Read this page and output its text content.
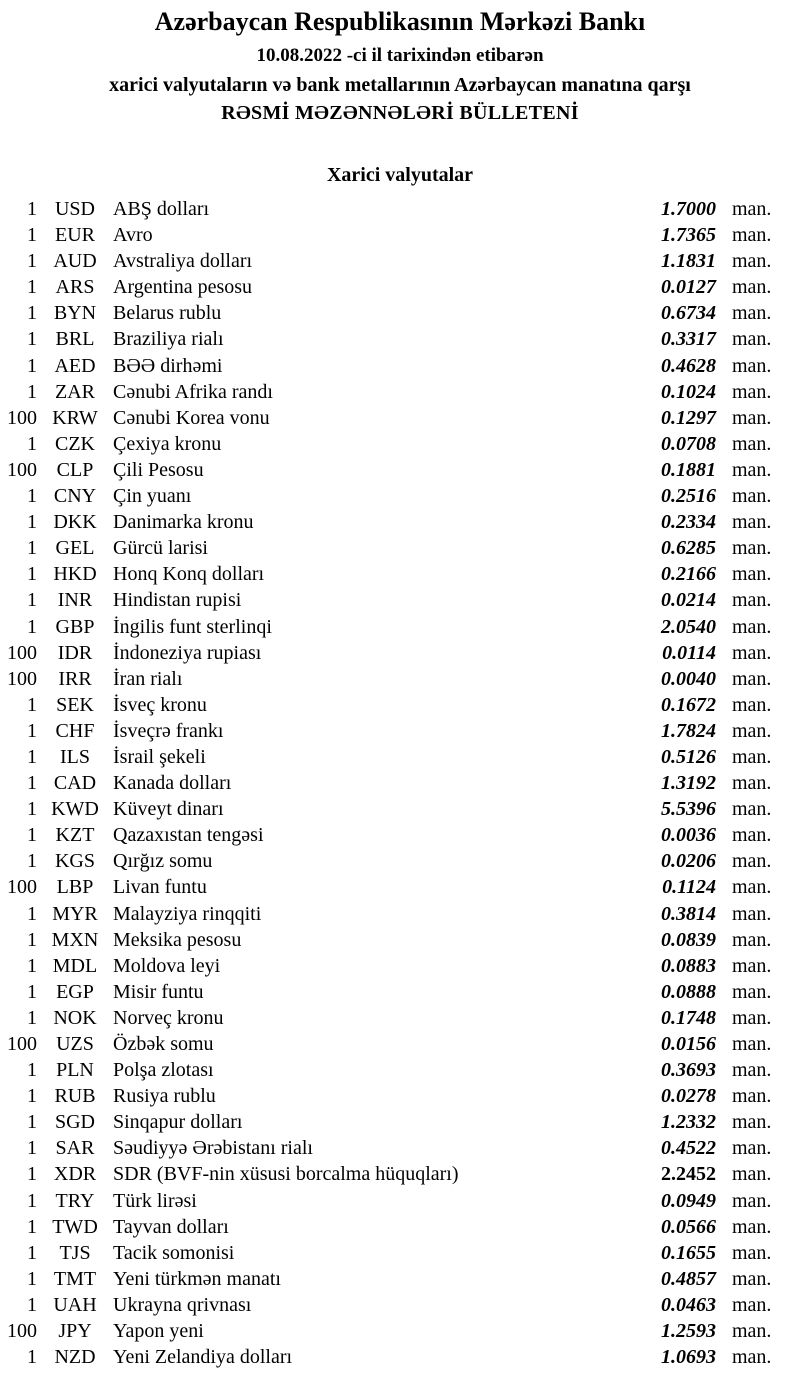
Azərbaycan Respublikasının Mərkəzi Bankı
10.08.2022 -ci il tarixindən etibarən
xarici valyutaların və bank metallarının Azərbaycan manatına qarşı
RƏSMİ MƏZƏNNƏLƏRİ BÜLLETENİ
Xarici valyutalar
1 USD ABŞ dolları	1.7000 man.
1 EUR Avro	1.7365 man.
1 AUD Avstraliya dolları	1.1831 man.
1 ARS Argentina pesosu	0.0127 man.
1 BYN Belarus rublu	0.6734 man.
1 BRL Braziliya rialı	0.3317 man.
1 AED BƏƏ dirhəmi	0.4628 man.
1 ZAR Cənubi Afrika randı	0.1024 man.
100 KRW Cənubi Korea vonu	0.1297 man.
1 CZK Çexiya kronu	0.0708 man.
100 CLP Çili Pesosu	0.1881 man.
1 CNY Çin yuanı	0.2516 man.
1 DKK Danimarka kronu	0.2334 man.
1 GEL Gürcü larisi	0.6285 man.
1 HKD Honq Konq dolları	0.2166 man.
1	INR	Hindistan rupisi	0.0214 man.
1 GBP İngilis funt sterlinqi	2.0540 man.
100	IDR	İndoneziya rupiası	0.0114 man.
100	IRR	İran rialı	0.0040 man.
1 SEK İsveç kronu	0.1672 man.
1 CHF İsveçrə frankı	1.7824 man.
1	ILS	İsrail şekeli	0.5126 man.
1 CAD Kanada dolları	1.3192 man.
1 KWD Küveyt dinarı	5.5396 man.
1 KZT Qazaxıstan tengəsi	0.0036 man.
1 KGS Qırğız somu	0.0206 man.
100 LBP Livan funtu	0.1124 man.
1 MYR Malayziya rinqqiti	0.3814 man.
1 MXN Meksika pesosu	0.0839 man.
1 MDL Moldova leyi	0.0883 man.
1 EGP Misir funtu	0.0888 man.
1 NOK Norveç kronu	0.1748 man.
100 UZS Özbək somu	0.0156 man.
1 PLN Polşa zlotası	0.3693 man.
1 RUB Rusiya rublu	0.0278 man.
1 SGD Sinqapur dolları	1.2332 man.
1 SAR Səudiyyə Ərəbistanı rialı	0.4522 man.
1 XDR SDR (BVF-nin xüsusi borcalma hüquqları)	2.2452 man.
1 TRY Türk lirəsi	0.0949 man.
1 TWD Tayvan dolları	0.0566 man.
1	TJS	Tacik somonisi	0.1655 man.
1 TMT Yeni türkmən manatı	0.4857 man.
1 UAH Ukrayna qrivnası	0.0463 man.
100	JPY	Yapon yeni	1.2593 man.
1 NZD Yeni Zelandiya dolları	1.0693 man.
